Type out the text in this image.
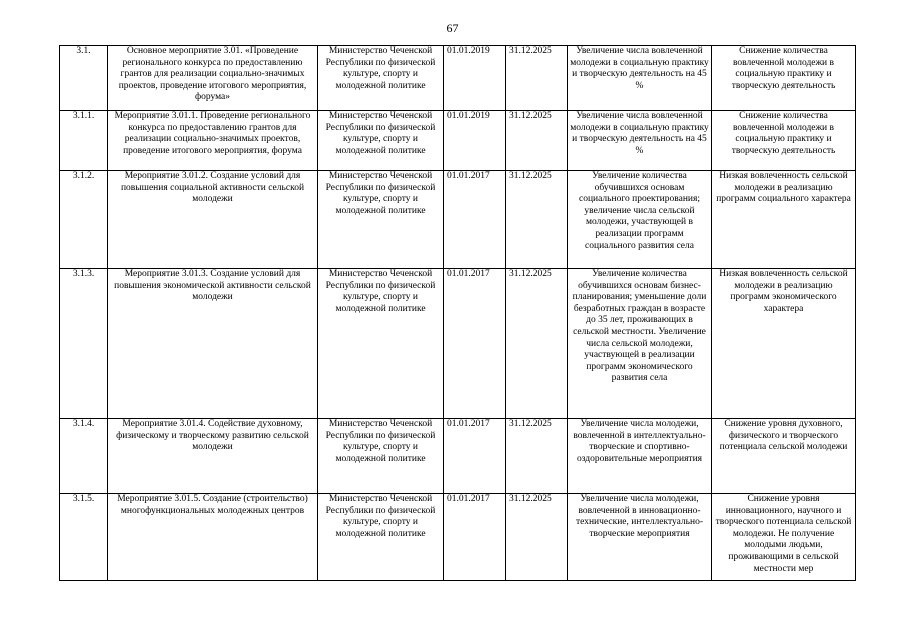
67
3.1.	Основное мероприятие 3.01. «Проведение регионального конкурса по предоставлению грантов для реализации социально-значимых проектов, проведение итогового мероприятия, форума»	Министерство Чеченской Республики по физической культуре, спорту и молодежной политике	01.01.2019	31.12.2025	Увеличение числа вовлеченной молодежи в социальную практику и творческую деятельность на 45 %	Снижение количества вовлеченной молодежи в социальную практику и творческую деятельность
3.1.1.	Мероприятие 3.01.1. Проведение регионального конкурса по предоставлению грантов для реализации социально-значимых проектов, проведение итогового мероприятия, форума	Министерство Чеченской Республики по физической культуре, спорту и молодежной политике	01.01.2019	31.12.2025	Увеличение числа вовлеченной молодежи в социальную практику и творческую деятельность на 45 %	Снижение количества вовлеченной молодежи в социальную практику и творческую деятельность
3.1.2.	Мероприятие 3.01.2. Создание условий для повышения социальной активности сельской молодежи	Министерство Чеченской Республики по физической культуре, спорту и молодежной политике	01.01.2017	31.12.2025	Увеличение количества обучившихся основам социального проектирования; увеличение числа сельской молодежи, участвующей в реализации программ социального развития села	Низкая вовлеченность сельской молодежи в реализацию программ социального характера
3.1.3.	Мероприятие 3.01.3. Создание условий для повышения экономической активности сельской молодежи	Министерство Чеченской Республики по физической культуре, спорту и молодежной политике	01.01.2017	31.12.2025	Увеличение количества обучившихся основам бизнес-планирования; уменьшение доли безработных граждан в возрасте до 35 лет, проживающих в сельской местности. Увеличение числа сельской молодежи, участвующей в реализации программ экономического развития села	Низкая вовлеченность сельской молодежи в реализацию программ экономического характера
3.1.4.	Мероприятие 3.01.4. Содействие духовному, физическому и творческому развитию сельской молодежи	Министерство Чеченской Республики по физической культуре, спорту и молодежной политике	01.01.2017	31.12.2025	Увеличение числа молодежи, вовлеченной в интеллектуально-творческие и спортивно-оздоровительные мероприятия	Снижение уровня духовного, физического и творческого потенциала сельской молодежи
3.1.5.	Мероприятие 3.01.5. Создание (строительство) многофункциональных молодежных центров	Министерство Чеченской Республики по физической культуре, спорту и молодежной политике	01.01.2017	31.12.2025	Увеличение числа молодежи, вовлеченной в инновационно-технические, интеллектуально-творческие мероприятия	Снижение уровня инновационного, научного и творческого потенциала сельской молодежи. Не получение молодыми людьми, проживающими в сельской местности мер
